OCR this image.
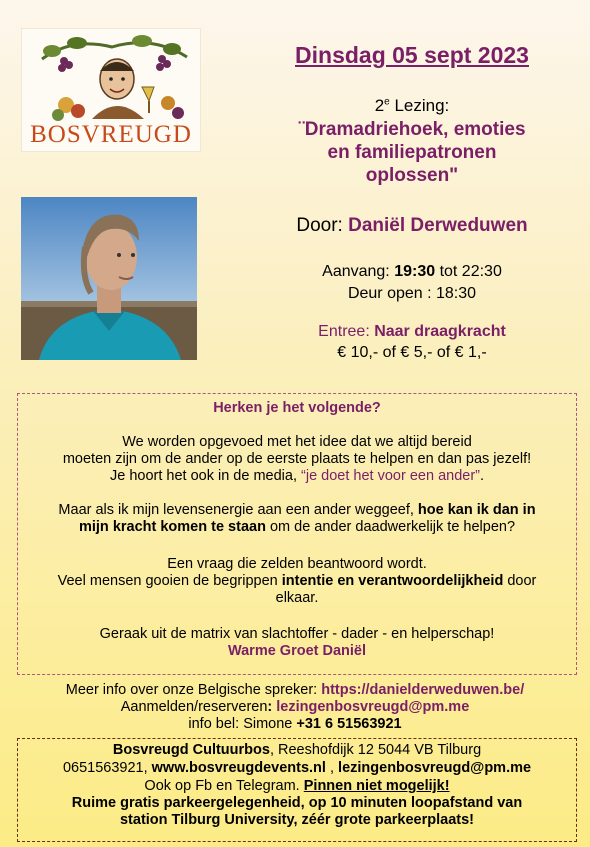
BOSVREUGD
Dinsdag 05 sept 2023
2e Lezing:
¨Dramadriehoek, emoties
en familiepatronen
oplossen"
Door: Daniël Derweduwen
Aanvang: 19:30 tot 22:30
Deur open : 18:30
Entree: Naar draagkracht
€ 10,- of € 5,- of € 1,-
Herken je het volgende?
We worden opgevoed met het idee dat we altijd bereid
moeten zijn om de ander op de eerste plaats te helpen en dan pas jezelf!
Je hoort het ook in de media, “je doet het voor een ander”.
Maar als ik mijn levensenergie aan een ander weggeef, hoe kan ik dan in
mijn kracht komen te staan om de ander daadwerkelijk te helpen?
Een vraag die zelden beantwoord wordt.
Veel mensen gooien de begrippen intentie en verantwoordelijkheid door
elkaar.
Geraak uit de matrix van slachtoffer - dader - en helperschap!
Warme Groet Daniël
Meer info over onze Belgische spreker: https://danielderweduwen.be/
Aanmelden/reserveren: lezingenbosvreugd@pm.me
info bel: Simone +31 6 51563921
Bosvreugd Cultuurbos, Reeshofdijk 12 5044 VB Tilburg
0651563921, www.bosvreugdevents.nl , lezingenbosvreugd@pm.me
Ook op Fb en Telegram. Pinnen niet mogelijk!
Ruime gratis parkeergelegenheid, op 10 minuten loopafstand van
station Tilburg University, zéér grote parkeerplaats!
